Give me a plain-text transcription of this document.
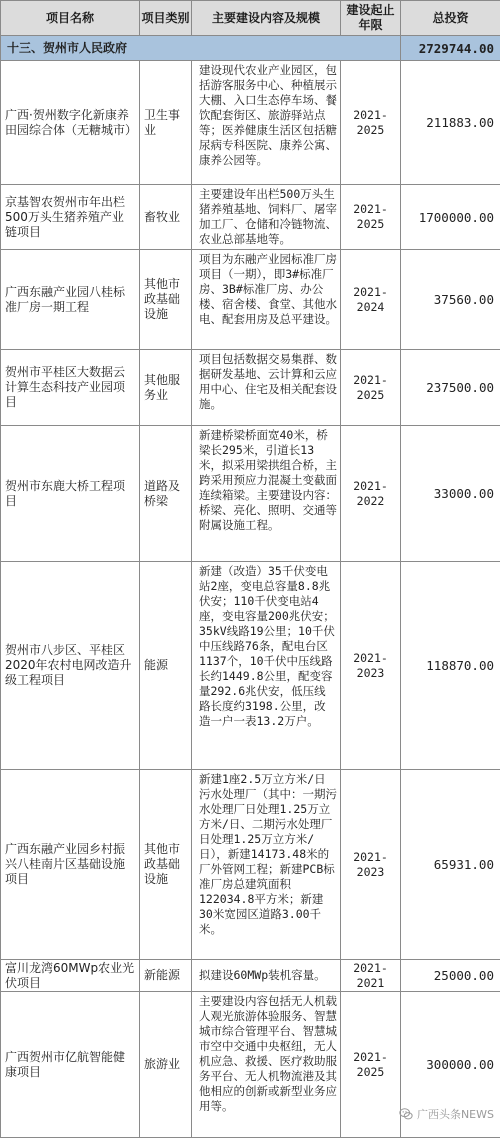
项目名称	项目类别	主要建设内容及规模	建设起止年限	总投资
十三、贺州市人民政府				2729744.00
广西·贺州数字化新康养田园综合体（无糖城市）	卫生事业	建设现代农业产业园区，包括游客服务中心、种植展示大棚、入口生态停车场、餐饮配套街区、旅游驿站点等；医养健康生活区包括糖尿病专科医院、康养公寓、康养公园等。	2021-2025	211883.00
京基智农贺州市年出栏500万头生猪养殖产业链项目	畜牧业	主要建设年出栏500万头生猪养殖基地、饲料厂、屠宰加工厂、仓储和冷链物流、农业总部基地等。	2021-2025	1700000.00
广西东融产业园八桂标准厂房一期工程	其他市政基础设施	项目为东融产业园标准厂房项目（一期），即3#标准厂房、3B#标准厂房、办公楼、宿舍楼、食堂、其他水电、配套用房及总平建设。	2021-2024	37560.00
贺州市平桂区大数据云计算生态科技产业园项目	其他服务业	项目包括数据交易集群、数据研发基地、云计算和云应用中心、住宅及相关配套设施。	2021-2025	237500.00
贺州市东鹿大桥工程项目	道路及桥梁	新建桥梁桥面宽40米，桥梁长295米，引道长13米，拟采用梁拱组合桥，主跨采用预应力混凝土变截面连续箱梁。主要建设内容：桥梁、亮化、照明、交通等附属设施工程。	2021-2022	33000.00
贺州市八步区、平桂区2020年农村电网改造升级工程项目	能源	新建（改造）35千伏变电站2座，变电总容量8.8兆伏安；110千伏变电站4座，变电容量200兆伏安；35kV线路19公里；10千伏中压线路76条，配电台区1137个，10千伏中压线路长约1449.8公里，配变容量292.6兆伏安，低压线路长度约3198.公里，改造一户一表13.2万户。	2021-2023	118870.00
广西东融产业园乡村振兴八桂南片区基础设施项目	其他市政基础设施	新建1座2.5万立方米/日污水处理厂（其中：一期污水处理厂日处理1.25万立方米/日、二期污水处理厂日处理1.25万立方米/日），新建14173.48米的厂外管网工程；新建PCB标准厂房总建筑面积122034.8平方米；新建30米宽园区道路3.00千米。	2021-2023	65931.00
富川龙湾60MWp农业光伏项目	新能源	拟建设60MWp装机容量。	2021-2021	25000.00
广西贺州市亿航智能健康项目	旅游业	主要建设内容包括无人机载人观光旅游体验服务、智慧城市综合管理平台、智慧城市空中交通中央枢纽，无人机应急、救援、医疗救助服务平台、无人机物流港及其他相应的创新或新型业务应用等。	2021-2025	300000.00
广西头条NEWS
